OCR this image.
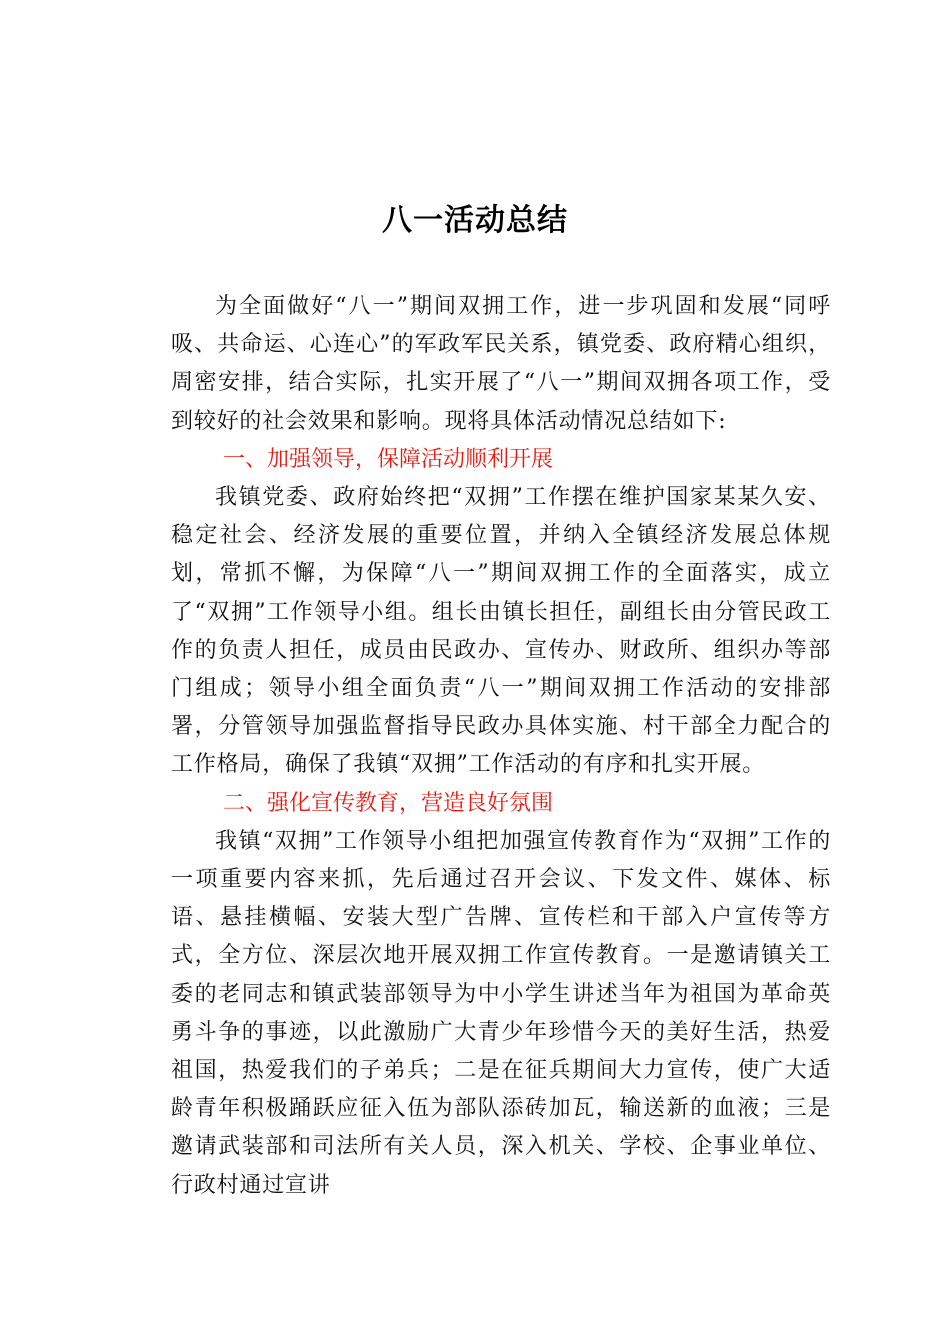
八一活动总结

为全面做好“八一”期间双拥工作，进一步巩固和发展“同呼吸、共命运、心连心”的军政军民关系，镇党委、政府精心组织，周密安排，结合实际，扎实开展了“八一”期间双拥各项工作，受到较好的社会效果和影响。现将具体活动情况总结如下:

一、加强领导，保障活动顺利开展

我镇党委、政府始终把“双拥”工作摆在维护国家某某久安、稳定社会、经济发展的重要位置，并纳入全镇经济发展总体规划，常抓不懈，为保障“八一”期间双拥工作的全面落实，成立了“双拥”工作领导小组。组长由镇长担任，副组长由分管民政工作的负责人担任，成员由民政办、宣传办、财政所、组织办等部门组成；领导小组全面负责“八一”期间双拥工作活动的安排部署，分管领导加强监督指导民政办具体实施、村干部全力配合的工作格局，确保了我镇“双拥”工作活动的有序和扎实开展。

二、强化宣传教育，营造良好氛围

我镇“双拥”工作领导小组把加强宣传教育作为“双拥”工作的一项重要内容来抓，先后通过召开会议、下发文件、媒体、标语、悬挂横幅、安装大型广告牌、宣传栏和干部入户宣传等方式，全方位、深层次地开展双拥工作宣传教育。一是邀请镇关工委的老同志和镇武装部领导为中小学生讲述当年为祖国为革命英勇斗争的事迹，以此激励广大青少年珍惜今天的美好生活，热爱祖国，热爱我们的子弟兵；二是在征兵期间大力宣传，使广大适龄青年积极踊跃应征入伍为部队添砖加瓦，输送新的血液；三是邀请武装部和司法所有关人员，深入机关、学校、企事业单位、行政村通过宣讲
